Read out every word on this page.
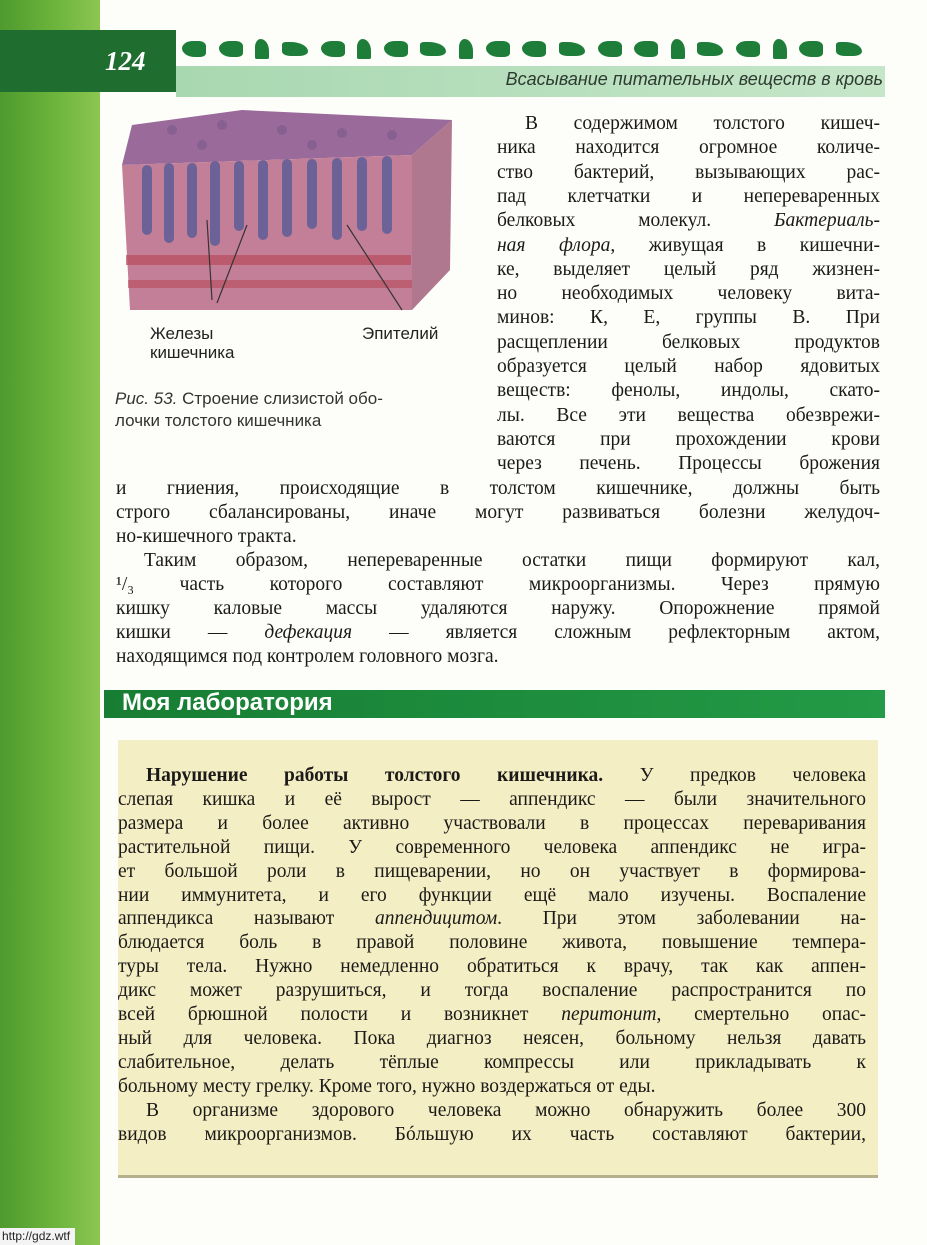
124
Всасывание питательных веществ в кровь
Железы
кишечника
Эпителий
Рис. 53. Строение слизистой обо-
лочки толстого кишечника
Моя лаборатория
http://gdz.wtf
В содержимом толстого кишеч-
ника находится огромное количе-
ство бактерий, вызывающих рас-
пад клетчатки и непереваренных
белковых молекул. Бактериаль-
ная флора, живущая в кишечни-
ке, выделяет целый ряд жизнен-
но необходимых человеку вита-
минов: К, Е, группы В. При
расщеплении белковых продуктов
образуется целый набор ядовитых
веществ: фенолы, индолы, скато-
лы. Все эти вещества обезврежи-
ваются при прохождении крови
через печень. Процессы брожения
и гниения, происходящие в толстом кишечнике, должны быть
строго сбалансированы, иначе могут развиваться болезни желудоч-
но-кишечного тракта.
Таким образом, непереваренные остатки пищи формируют кал,
¹/₃ часть которого составляют микроорганизмы. Через прямую
кишку каловые массы удаляются наружу. Опорожнение прямой
кишки — дефекация — является сложным рефлекторным актом,
находящимся под контролем головного мозга.
Нарушение работы толстого кишечника. У предков человека
слепая кишка и её вырост — аппендикс — были значительного
размера и более активно участвовали в процессах переваривания
растительной пищи. У современного человека аппендикс не игра-
ет большой роли в пищеварении, но он участвует в формирова-
нии иммунитета, и его функции ещё мало изучены. Воспаление
аппендикса называют аппендицитом. При этом заболевании на-
блюдается боль в правой половине живота, повышение темпера-
туры тела. Нужно немедленно обратиться к врачу, так как аппен-
дикс может разрушиться, и тогда воспаление распространится по
всей брюшной полости и возникнет перитонит, смертельно опас-
ный для человека. Пока диагноз неясен, больному нельзя давать
слабительное, делать тёплые компрессы или прикладывать к
больному месту грелку. Кроме того, нужно воздержаться от еды.
В организме здорового человека можно обнаружить более 300
видов микроорганизмов. Бóльшую их часть составляют бактерии,
